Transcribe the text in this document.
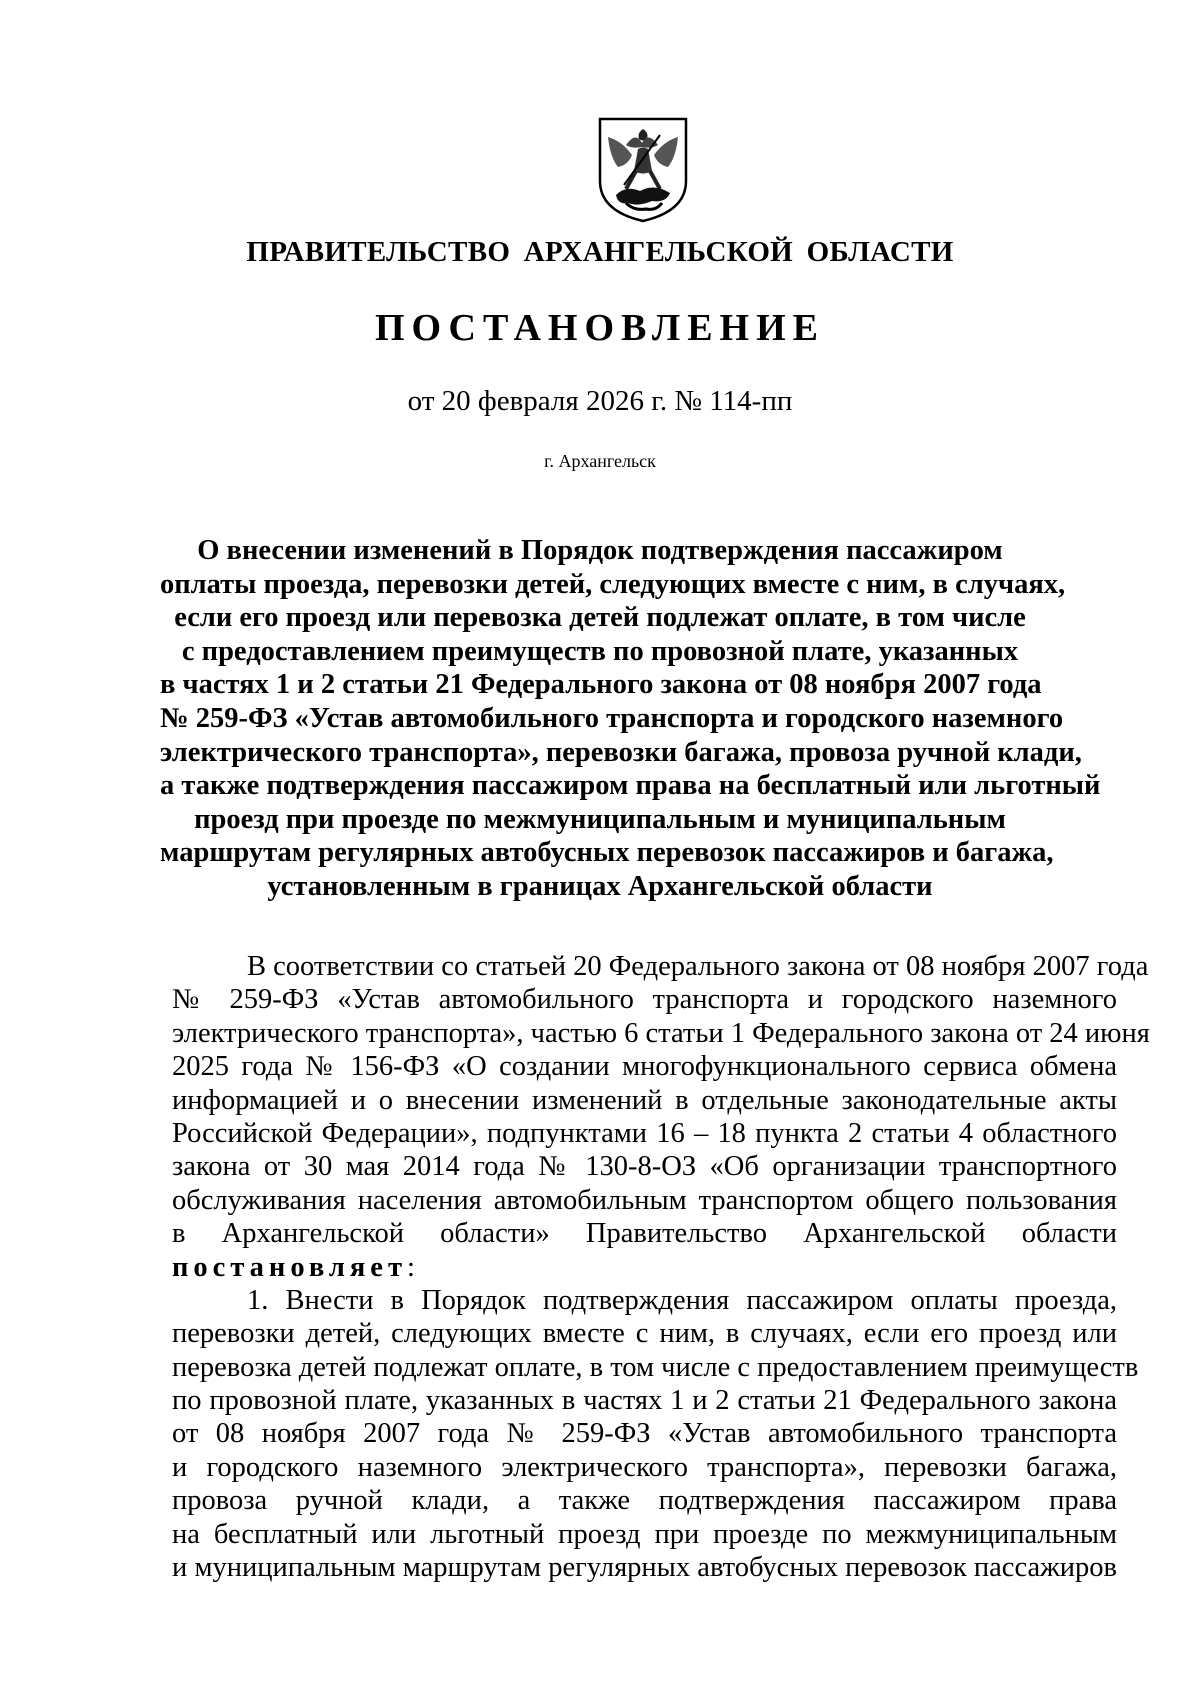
ПРАВИТЕЛЬСТВО АРХАНГЕЛЬСКОЙ ОБЛАСТИ
ПОСТАНОВЛЕНИЕ
от 20 февраля 2026 г. № 114-пп
г. Архангельск
О внесении изменений в Порядок подтверждения пассажиром
оплаты проезда, перевозки детей, следующих вместе с ним, в случаях,
если его проезд или перевозка детей подлежат оплате, в том числе
с предоставлением преимуществ по провозной плате, указанных
в частях 1 и 2 статьи 21 Федерального закона от 08 ноября 2007 года
№ 259-ФЗ «Устав автомобильного транспорта и городского наземного
электрического транспорта», перевозки багажа, провоза ручной клади,
а также подтверждения пассажиром права на бесплатный или льготный
проезд при проезде по межмуниципальным и муниципальным
маршрутам регулярных автобусных перевозок пассажиров и багажа,
установленным в границах Архангельской области
В соответствии со статьей 20 Федерального закона от 08 ноября 2007 года
№ 259-ФЗ «Устав автомобильного транспорта и городского наземного
электрического транспорта», частью 6 статьи 1 Федерального закона от 24 июня
2025 года № 156-ФЗ «О создании многофункционального сервиса обмена
информацией и о внесении изменений в отдельные законодательные акты
Российской Федерации», подпунктами 16 – 18 пункта 2 статьи 4 областного
закона от 30 мая 2014 года № 130-8-ОЗ «Об организации транспортного
обслуживания населения автомобильным транспортом общего пользования
в Архангельской области» Правительство Архангельской области
постановляет:
1. Внести в Порядок подтверждения пассажиром оплаты проезда,
перевозки детей, следующих вместе с ним, в случаях, если его проезд или
перевозка детей подлежат оплате, в том числе с предоставлением преимуществ
по провозной плате, указанных в частях 1 и 2 статьи 21 Федерального закона
от 08 ноября 2007 года № 259-ФЗ «Устав автомобильного транспорта
и городского наземного электрического транспорта», перевозки багажа,
провоза ручной клади, а также подтверждения пассажиром права
на бесплатный или льготный проезд при проезде по межмуниципальным
и муниципальным маршрутам регулярных автобусных перевозок пассажиров
